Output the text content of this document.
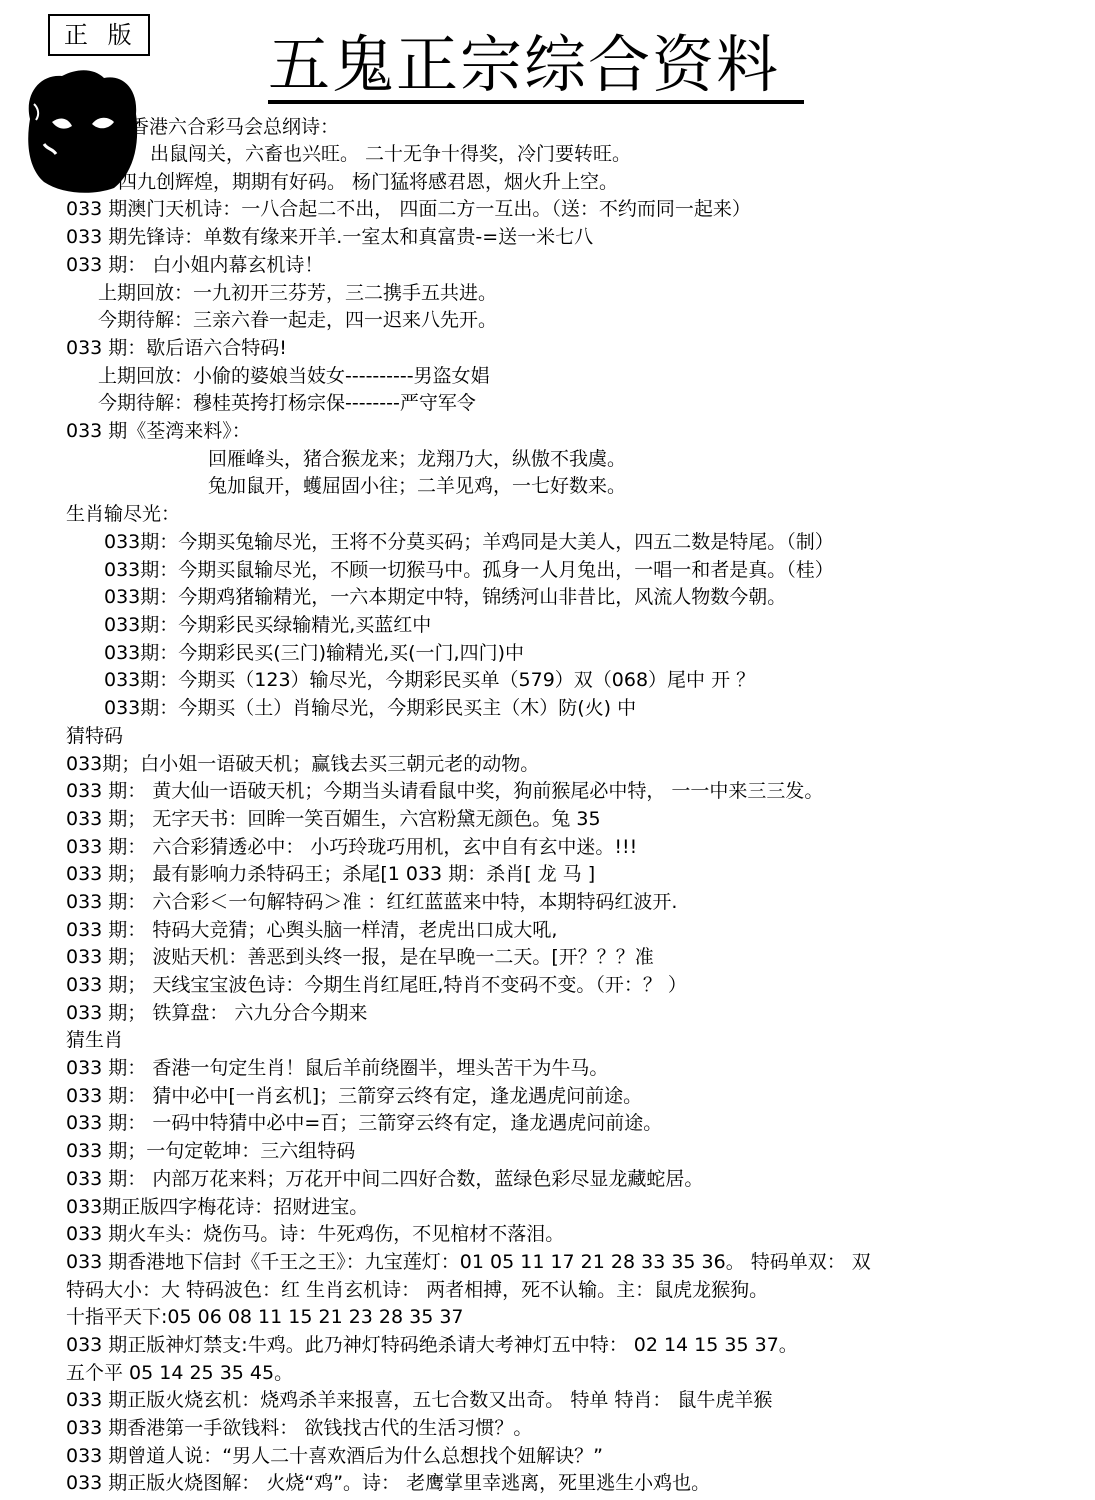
正 版 五鬼正宗综合资料
香港六合彩马会总纲诗：
出鼠闯关，六畜也兴旺。 二十无争十得奖，冷门要转旺。
四九创辉煌，期期有好码。 杨门猛将感君恩，烟火升上空。
033 期澳门天机诗：一八合起二不出， 四面二方一互出。（送：不约而同一起来）
033 期先锋诗：单数有缘来开羊.一室太和真富贵-=送一米七八
033 期： 白小姐内幕玄机诗！
上期回放：一九初开三芬芳，三二携手五共进。
今期待解：三亲六眷一起走，四一迟来八先开。
033 期：歇后语六合特码!
上期回放：小偷的婆娘当妓女----------男盗女娼
今期待解：穆桂英挎打杨宗保--------严守军令
033 期《荃湾来料》：
回雁峰头，猪合猴龙来；龙翔乃大，纵傲不我虞。
兔加鼠开，蠖屈固小往；二羊见鸡，一七好数来。
生肖输尽光：
033期：今期买兔输尽光，王将不分莫买码；羊鸡同是大美人，四五二数是特尾。（制）
033期：今期买鼠输尽光，不顾一切猴马中。孤身一人月兔出，一唱一和者是真。（桂）
033期：今期鸡猪输精光，一六本期定中特，锦绣河山非昔比，风流人物数今朝。
033期：今期彩民买绿输精光,买蓝红中
033期：今期彩民买(三门)输精光,买(一门,四门)中
033期：今期买（123）输尽光，今期彩民买单（579）双（068）尾中 开 ？
033期：今期买（土）肖输尽光，今期彩民买主（木）防(火) 中
猜特码
033期；白小姐一语破天机；赢钱去买三朝元老的动物。
033 期： 黄大仙一语破天机；今期当头请看鼠中奖，狗前猴尾必中特， 一一中来三三发。
033 期； 无字天书：回眸一笑百媚生，六宫粉黛无颜色。兔 35
033 期： 六合彩猜透必中： 小巧玲珑巧用机，玄中自有玄中迷。!!!
033 期； 最有影响力杀特码王；杀尾[1 033 期：杀肖[ 龙 马 ]
033 期： 六合彩＜一句解特码＞准 ：红红蓝蓝来中特，本期特码红波开.
033 期： 特码大竞猜；心舆头脑一样清，老虎出口成大吼,
033 期； 波贴天机：善恶到头终一报，是在早晚一二天。[开？？？准
033 期； 天线宝宝波色诗：今期生肖红尾旺,特肖不变码不变。（开：？ ）
033 期； 铁算盘： 六九分合今期来
猜生肖
033 期： 香港一句定生肖！鼠后羊前绕圈半，埋头苦干为牛马。
033 期： 猜中必中[一肖玄机]；三箭穿云终有定，逢龙遇虎问前途。
033 期： 一码中特猜中必中=百；三箭穿云终有定，逢龙遇虎问前途。
033 期；一句定乾坤：三六组特码
033 期： 内部万花来料；万花开中间二四好合数，蓝绿色彩尽显龙藏蛇居。
033期正版四字梅花诗：招财进宝。
033 期火车头：烧伤马。诗：牛死鸡伤，不见棺材不落泪。
033 期香港地下信封《千王之王》：九宝莲灯：01 05 11 17 21 28 33 35 36。 特码单双： 双
特码大小：大 特码波色：红 生肖玄机诗： 两者相搏，死不认输。主：鼠虎龙猴狗。
十指平天下:05 06 08 11 15 21 23 28 35 37
033 期正版神灯禁支:牛鸡。此乃神灯特码绝杀请大考神灯五中特： 02 14 15 35 37。
五个平 05 14 25 35 45。
033 期正版火烧玄机：烧鸡杀羊来报喜，五七合数又出奇。 特单 特肖： 鼠牛虎羊猴
033 期香港第一手欲钱料： 欲钱找古代的生活习惯？。
033 期曾道人说：“男人二十喜欢酒后为什么总想找个妞解诀？”
033 期正版火烧图解： 火烧“鸡”。诗： 老鹰掌里幸逃离，死里逃生小鸡也。
